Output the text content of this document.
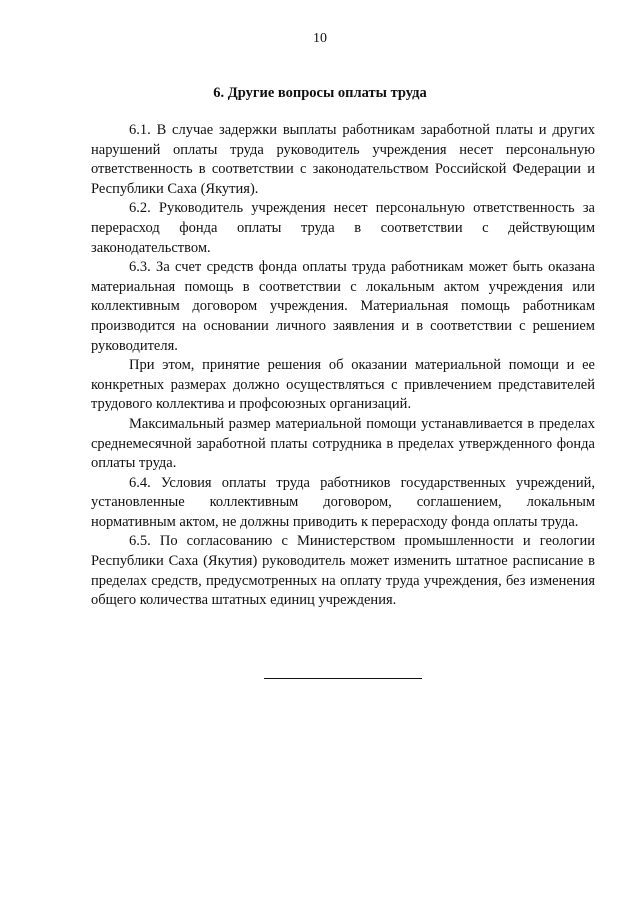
10
6. Другие вопросы оплаты труда

6.1. В случае задержки выплаты работникам заработной платы и других нарушений оплаты труда руководитель учреждения несет персональную ответственность в соответствии с законодательством Российской Федерации и Республики Саха (Якутия).

6.2. Руководитель учреждения несет персональную ответственность за перерасход фонда оплаты труда в соответствии с действующим законодательством.

6.3. За счет средств фонда оплаты труда работникам может быть оказана материальная помощь в соответствии с локальным актом учреждения или коллективным договором учреждения. Материальная помощь работникам производится на основании личного заявления и в соответствии с решением руководителя.

При этом, принятие решения об оказании материальной помощи и ее конкретных размерах должно осуществляться с привлечением представителей трудового коллектива и профсоюзных организаций.

Максимальный размер материальной помощи устанавливается в пределах среднемесячной заработной платы сотрудника в пределах утвержденного фонда оплаты труда.

6.4. Условия оплаты труда работников государственных учреждений, установленные коллективным договором, соглашением, локальным нормативным актом, не должны приводить к перерасходу фонда оплаты труда.

6.5. По согласованию с Министерством промышленности и геологии Республики Саха (Якутия) руководитель может изменить штатное расписание в пределах средств, предусмотренных на оплату труда учреждения, без изменения общего количества штатных единиц учреждения.
